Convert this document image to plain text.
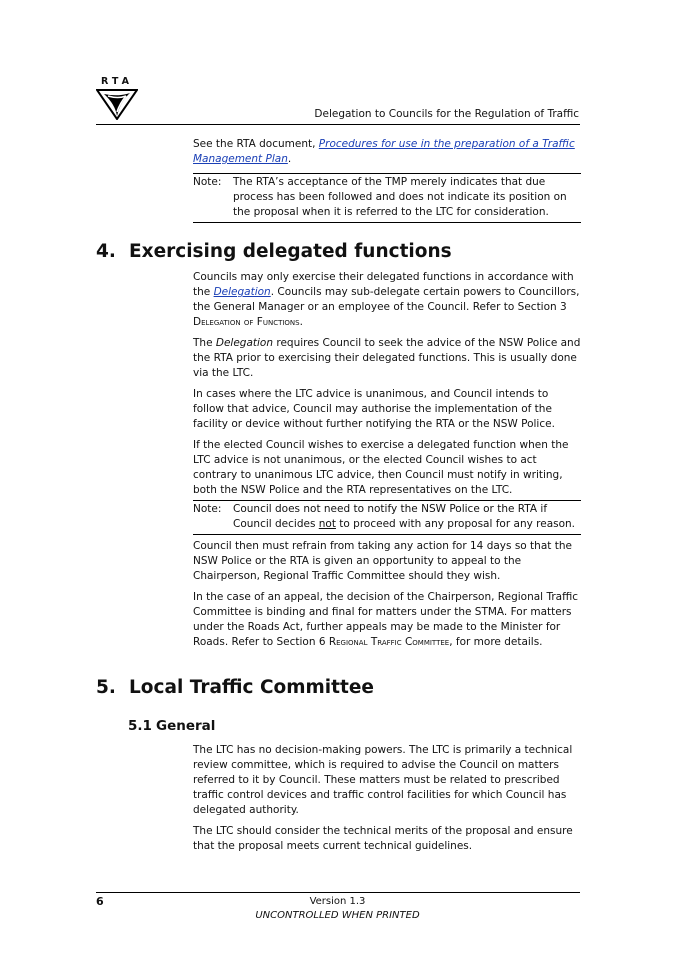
RTA
Delegation to Councils for the Regulation of Traffic

See the RTA document, Procedures for use in the preparation of a Traffic Management Plan.

Note: The RTA’s acceptance of the TMP merely indicates that due process has been followed and does not indicate its position on the proposal when it is referred to the LTC for consideration.
4. Exercising delegated functions

Councils may only exercise their delegated functions in accordance with the Delegation. Councils may sub-delegate certain powers to Councillors, the General Manager or an employee of the Council. Refer to Section 3 Delegation of Functions.

The Delegation requires Council to seek the advice of the NSW Police and the RTA prior to exercising their delegated functions. This is usually done via the LTC.

In cases where the LTC advice is unanimous, and Council intends to follow that advice, Council may authorise the implementation of the facility or device without further notifying the RTA or the NSW Police.

If the elected Council wishes to exercise a delegated function when the LTC advice is not unanimous, or the elected Council wishes to act contrary to unanimous LTC advice, then Council must notify in writing, both the NSW Police and the RTA representatives on the LTC.

Note: Council does not need to notify the NSW Police or the RTA if Council decides not to proceed with any proposal for any reason.

Council then must refrain from taking any action for 14 days so that the NSW Police or the RTA is given an opportunity to appeal to the Chairperson, Regional Traffic Committee should they wish.

In the case of an appeal, the decision of the Chairperson, Regional Traffic Committee is binding and final for matters under the STMA. For matters under the Roads Act, further appeals may be made to the Minister for Roads. Refer to Section 6 Regional Traffic Committee, for more details.

5. Local Traffic Committee
5.1 General

The LTC has no decision-making powers. The LTC is primarily a technical review committee, which is required to advise the Council on matters referred to it by Council. These matters must be related to prescribed traffic control devices and traffic control facilities for which Council has delegated authority.

The LTC should consider the technical merits of the proposal and ensure that the proposal meets current technical guidelines.

6	Version 1.3
UNCONTROLLED WHEN PRINTED
